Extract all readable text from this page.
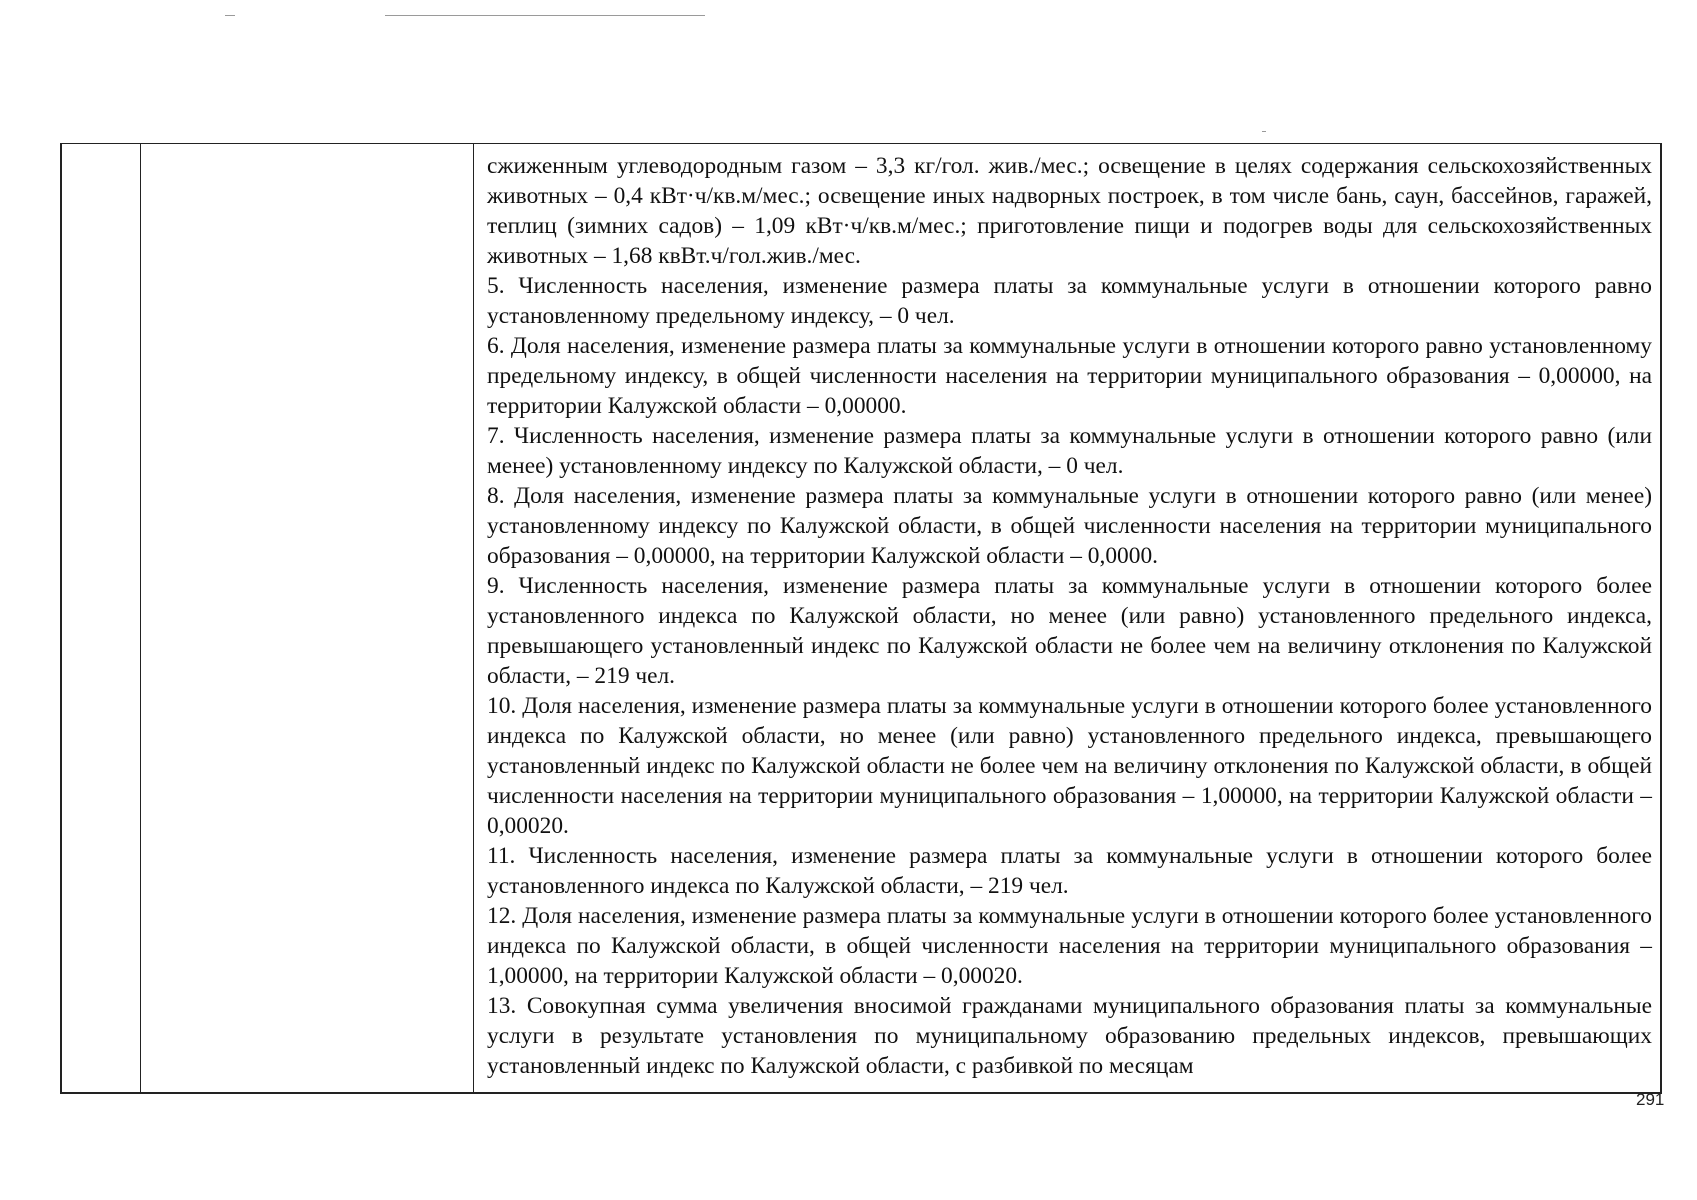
сжиженным углеводородным газом – 3,3 кг/гол. жив./мес.; освещение в целях содержания сельскохозяйственных животных – 0,4 кВт·ч/кв.м/мес.; освещение иных надворных построек, в том числе бань, саун, бассейнов, гаражей, теплиц (зимних садов) – 1,09 кВт·ч/кв.м/мес.; приготовление пищи и подогрев воды для сельскохозяйственных животных – 1,68 квВт.ч/гол.жив./мес.

5. Численность населения, изменение размера платы за коммунальные услуги в отношении которого равно установленному предельному индексу, – 0 чел.

6. Доля населения, изменение размера платы за коммунальные услуги в отношении которого равно установленному предельному индексу, в общей численности населения на территории муниципального образования – 0,00000, на территории Калужской области – 0,00000.

7. Численность населения, изменение размера платы за коммунальные услуги в отношении которого равно (или менее) установленному индексу по Калужской области, – 0 чел.

8. Доля населения, изменение размера платы за коммунальные услуги в отношении которого равно (или менее) установленному индексу по Калужской области, в общей численности населения на территории муниципального образования – 0,00000, на территории Калужской области – 0,0000.

9. Численность населения, изменение размера платы за коммунальные услуги в отношении которого более установленного индекса по Калужской области, но менее (или равно) установленного предельного индекса, превышающего установленный индекс по Калужской области не более чем на величину отклонения по Калужской области, – 219 чел.

10. Доля населения, изменение размера платы за коммунальные услуги в отношении которого более установленного индекса по Калужской области, но менее (или равно) установленного предельного индекса, превышающего установленный индекс по Калужской области не более чем на величину отклонения по Калужской области, в общей численности населения на территории муниципального образования – 1,00000, на территории Калужской области – 0,00020.

11. Численность населения, изменение размера платы за коммунальные услуги в отношении которого более установленного индекса по Калужской области, – 219 чел.

12. Доля населения, изменение размера платы за коммунальные услуги в отношении которого более установленного индекса по Калужской области, в общей численности населения на территории муниципального образования – 1,00000, на территории Калужской области – 0,00020.

13. Совокупная сумма увеличения вносимой гражданами муниципального образования платы за коммунальные услуги в результате установления по муниципальному образованию предельных индексов, превышающих установленный индекс по Калужской области, с разбивкой по месяцам

291
